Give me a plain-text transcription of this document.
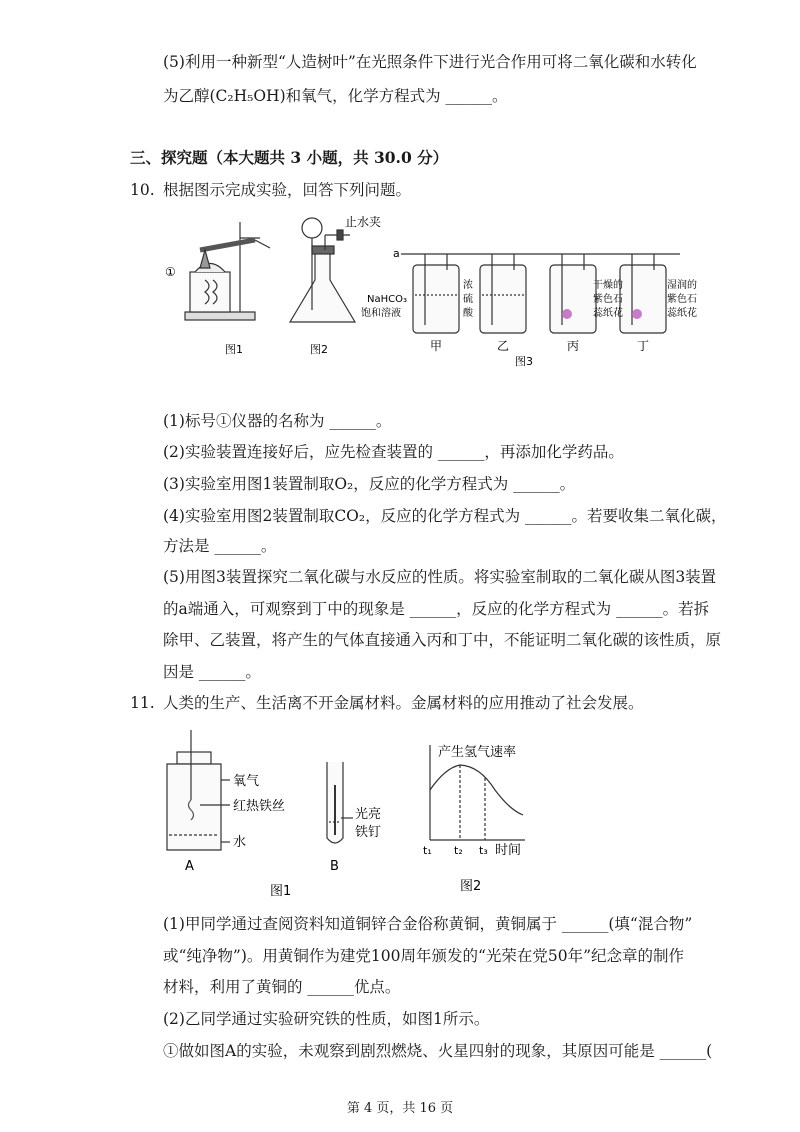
(5)利用一种新型“人造树叶”在光照条件下进行光合作用可将二氧化碳和水转化
为乙醇(C₂H₅OH)和氧气，化学方程式为 ______。
三、探究题（本大题共 3 小题，共 30.0 分）
10. 根据图示完成实验，回答下列问题。
①
止水夹
a
NaHCO₃
饱和溶液
浓
硫
酸
干燥的
紫色石
蕊纸花
湿润的
紫色石
蕊纸花
甲	乙	丙	丁
图1	图2
图3
(1)标号①仪器的名称为 ______。
(2)实验装置连接好后，应先检查装置的 ______，再添加化学药品。
(3)实验室用图1装置制取O₂，反应的化学方程式为 ______。
(4)实验室用图2装置制取CO₂，反应的化学方程式为 ______。若要收集二氧化碳，
方法是 ______。
(5)用图3装置探究二氧化碳与水反应的性质。将实验室制取的二氧化碳从图3装置
的a端通入，可观察到丁中的现象是 ______，反应的化学方程式为 ______。若拆
除甲、乙装置，将产生的气体直接通入丙和丁中，不能证明二氧化碳的该性质，原
因是 ______。
11. 人类的生产、生活离不开金属材料。金属材料的应用推动了社会发展。
氧气
红热铁丝
水
A
光亮
铁钉
B
图1
产生氢气速率
t₁ t₂ t₃ 时间
图2
(1)甲同学通过查阅资料知道铜锌合金俗称黄铜，黄铜属于 ______(填“混合物”
或“纯净物”)。用黄铜作为建党100周年颁发的“光荣在党50年”纪念章的制作
材料，利用了黄铜的 ______优点。
(2)乙同学通过实验研究铁的性质，如图1所示。
①做如图A的实验，未观察到剧烈燃烧、火星四射的现象，其原因可能是 ______(
第 4 页，共 16 页
